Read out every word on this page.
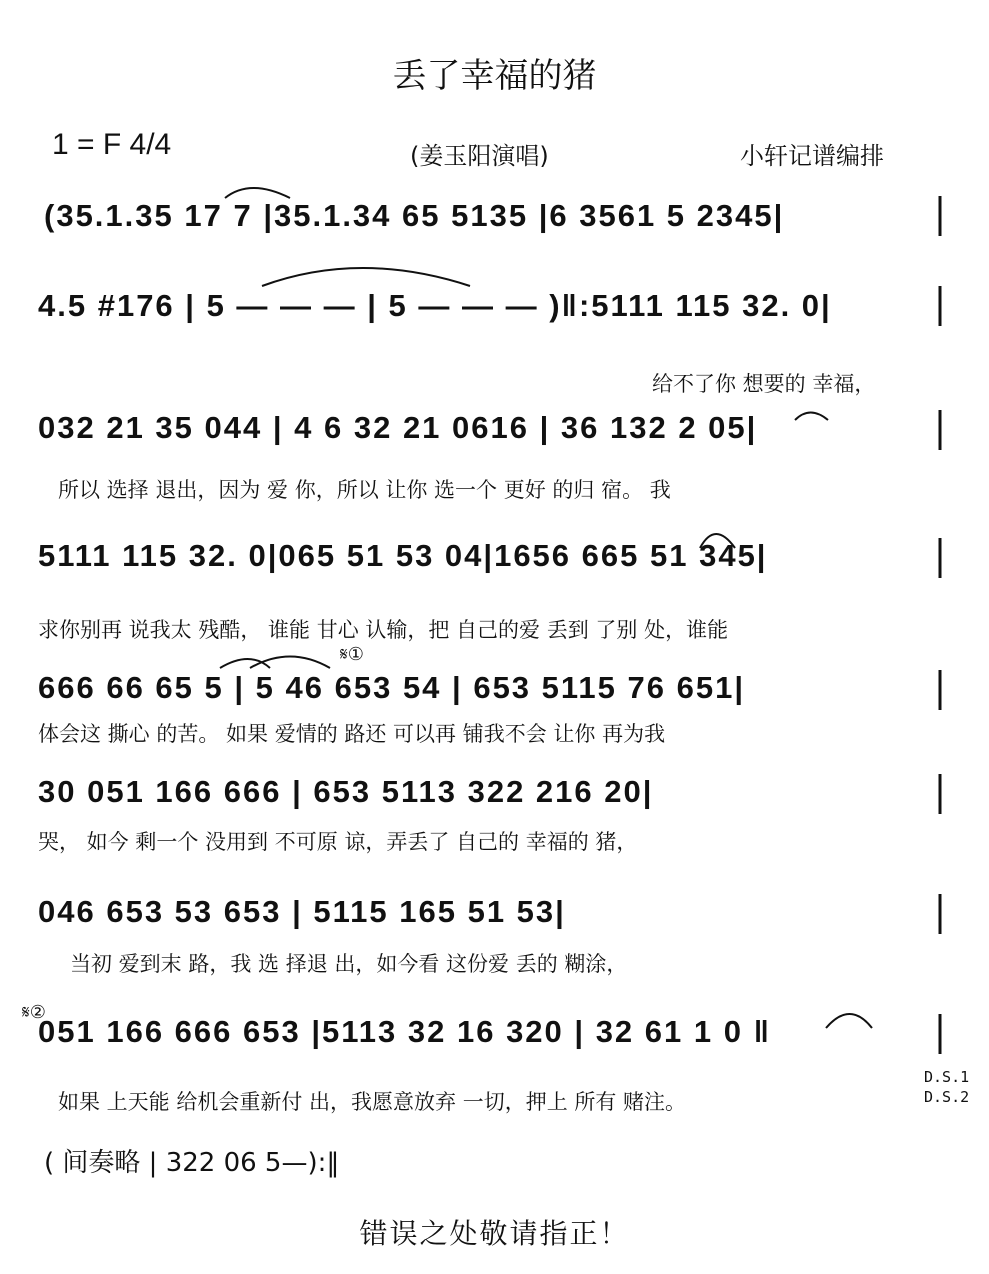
丢了幸福的猪
1 = F 4/4	(姜玉阳演唱)	小轩记谱编排
(35.1.35 17 7 |35.1.34 65 5135 |6 3561 5 2345|
4.5 #176 | 5 — — — | 5 — — — )‖:5111 115 32. 0|
给不了你 想要的 幸福，
032 21 35 044 | 4 6 32 21 0616 | 36 132 2 05|
所以 选择 退出，因为 爱 你，所以 让你 选一个 更好 的归 宿。 我
5111 115 32. 0|065 51 53 04|1656 665 51 345|
求你别再 说我太 残酷， 谁能 甘心 认输，把 自己的爱 丢到 了别 处，谁能
666 66 65 5 | 5 46 653 54 | 653 5115 76 651|
体会这 撕心 的苦。 如果 爱情的 路还 可以再 铺我不会 让你 再为我
30 051 166 666 | 653 5113 322 216 20|
哭， 如今 剩一个 没用到 不可原 谅，弄丢了 自己的 幸福的 猪，
046 653 53 653 | 5115 165 51 53|
当初 爱到末 路，我 选 择退 出，如今看 这份爱 丢的 糊涂，
051 166 666 653 |5113 32 16 320 | 32 61 1 0 ‖
如果 上天能 给机会重新付 出，我愿意放弃 一切，押上 所有 赌注。
D.S.1
D.S.2
𝄋①
𝄋②
( 间奏略 | 322 06 5—):‖
错误之处敬请指正！
